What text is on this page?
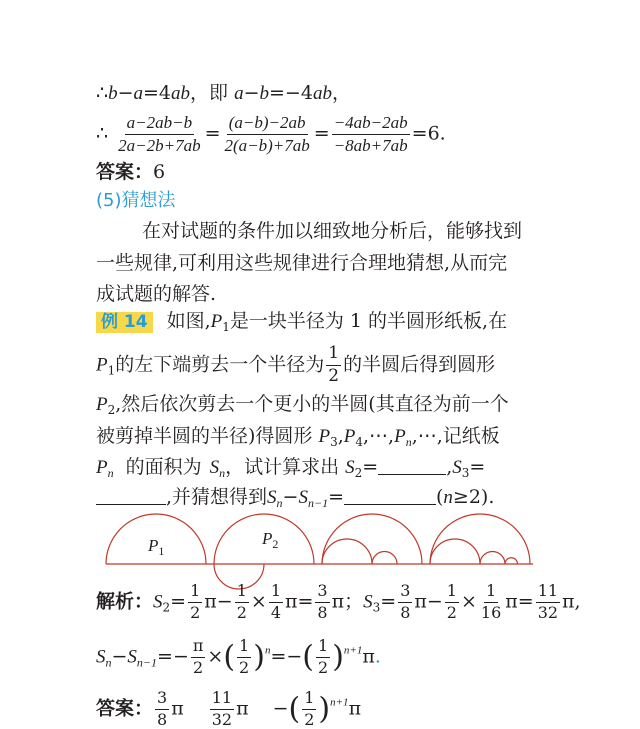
∴b−a=4ab，即 a−b=−4ab，
∴ $\frac{a-2ab-b}{2a-2b+7ab} = \frac{(a-b)-2ab}{2(a-b)+7ab} = \frac{-4ab-2ab}{-8ab+7ab} =6$.
答案：6
(5)猜想法
在对试题的条件加以细致地分析后，能够找到
一些规律,可利用这些规律进行合理地猜想,从而完
成试题的解答.
例 14 如图$,P_1$是一块半径为 1 的半圆形纸板,在
$P_1$的左下端剪去一个半径为 $\frac{1}{2}$ 的半圆后得到圆形
$P_2$,然后依次剪去一个更小的半圆(其直径为前一个
被剪掉半圆的半径)得圆形 $P_3,P_4,\cdots,P_n,\cdots$,记纸板
$P_n$ 的面积为 $S_n$，试计算求出 $S_2=$	$,S_3=$
,并猜想得到$S_n-S_{n-1}=$	(n≥2).
$P_1$
$P_2$
解析：$S_2= \frac{1}{2} \pi- \frac{1}{2} \times \frac{1}{4} \pi= \frac{3}{8}$ π；$S_3= \frac{3}{8} \pi- \frac{1}{2} \times \frac{1}{16} \pi= \frac{11}{32} \pi$,
$S_n-S_{n-1}=- \frac{\pi}{2}$ ×( $\frac{1}{2} )^n=-( \frac{1}{2} )^{n+1}\pi$.
答案： $\frac{3}{8}$ π $\frac{11}{32}$ π −( $\frac{1}{2} )^{n+1}\pi$
